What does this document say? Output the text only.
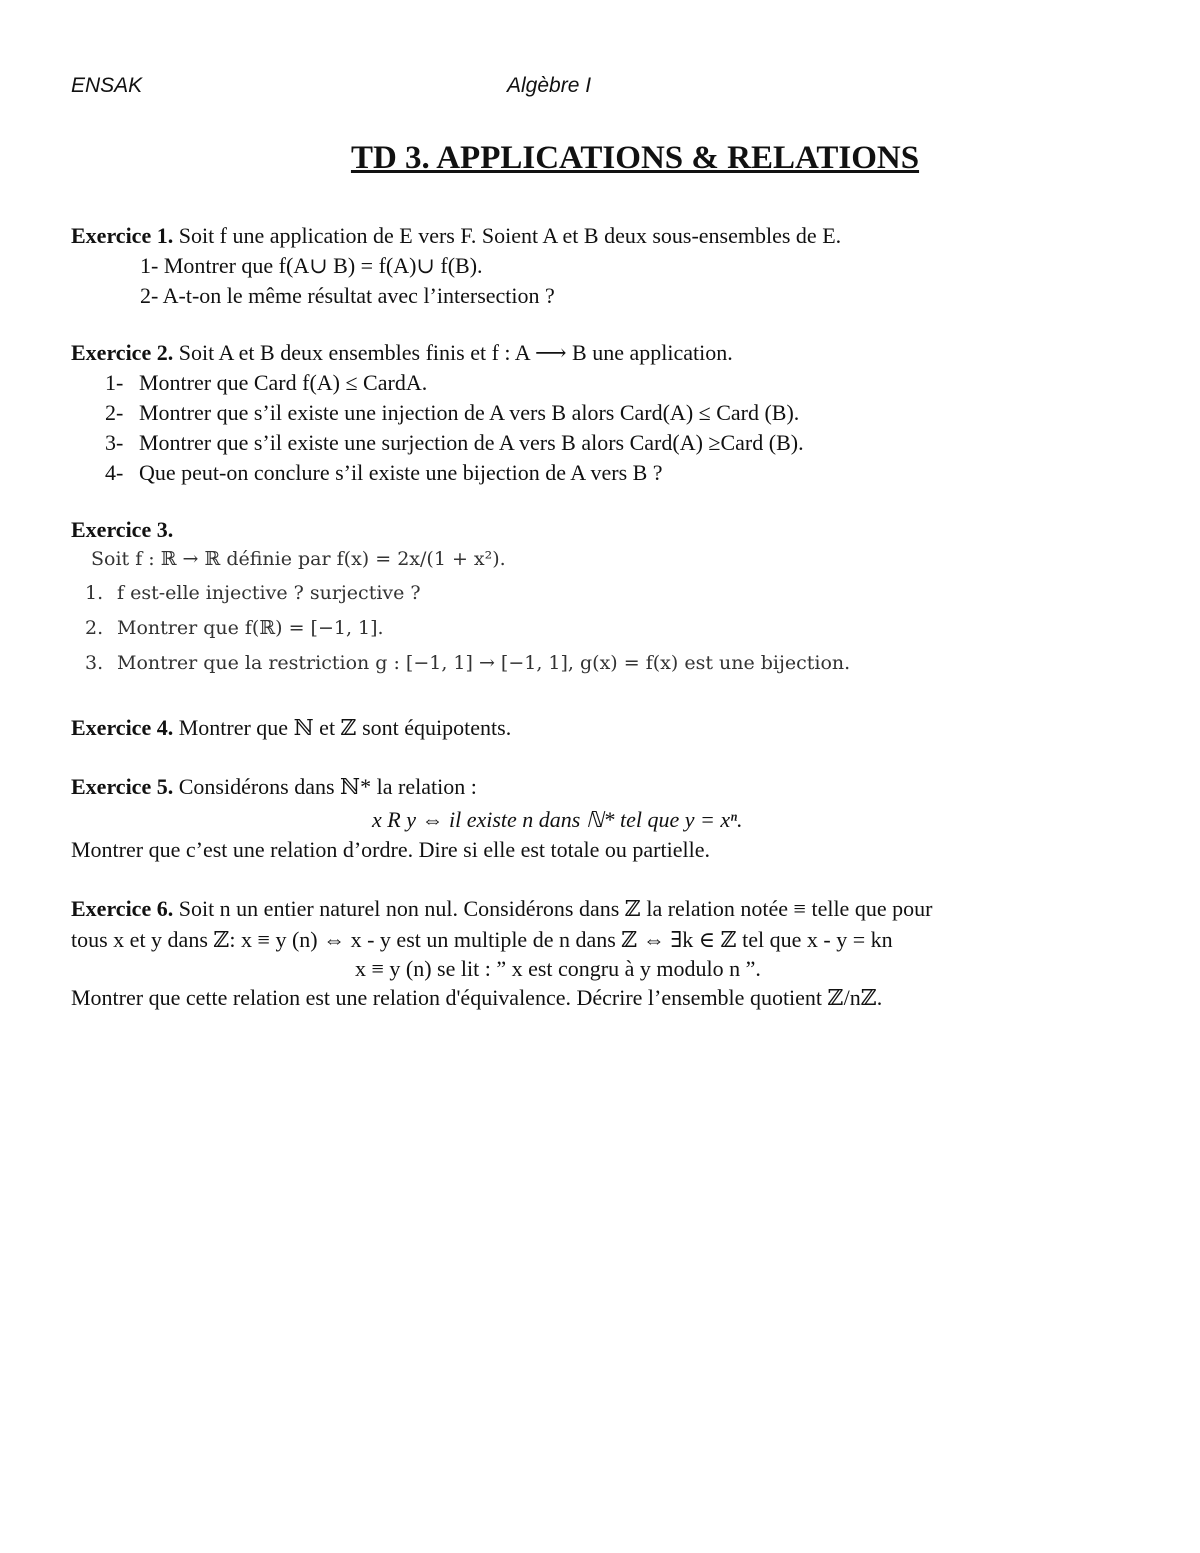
ENSAK	Algèbre I
TD 3. APPLICATIONS & RELATIONS
Exercice 1. Soit f une application de E vers F. Soient A et B deux sous-ensembles de E.
1- Montrer que f(A∪ B) = f(A)∪ f(B).
2- A-t-on le même résultat avec l’intersection ?
Exercice 2. Soit A et B deux ensembles finis et f : A ⟶ B une application.
1- Montrer que Card f(A) ≤ CardA.
2- Montrer que s’il existe une injection de A vers B alors Card(A) ≤ Card (B).
3- Montrer que s’il existe une surjection de A vers B alors Card(A) ≥Card (B).
4- Que peut-on conclure s’il existe une bijection de A vers B ?
Exercice 3.
Soit f : ℝ → ℝ définie par f(x) = 2x/(1 + x²).
1. f est-elle injective ? surjective ?
2. Montrer que f(ℝ) = [−1, 1].
3. Montrer que la restriction g : [−1, 1] → [−1, 1], g(x) = f(x) est une bijection.
Exercice 4. Montrer que ℕ et ℤ sont équipotents.
Exercice 5. Considérons dans ℕ* la relation :
x R y ⇔ il existe n dans ℕ* tel que y = xⁿ.
Montrer que c’est une relation d’ordre. Dire si elle est totale ou partielle.
Exercice 6. Soit n un entier naturel non nul. Considérons dans ℤ la relation notée ≡ telle que pour
tous x et y dans ℤ: x ≡ y (n) ⇔ x - y est un multiple de n dans ℤ ⇔ ∃k ∈ ℤ tel que x - y = kn
x ≡ y (n) se lit : ” x est congru à y modulo n ”.
Montrer que cette relation est une relation d'équivalence. Décrire l’ensemble quotient ℤ/nℤ.
